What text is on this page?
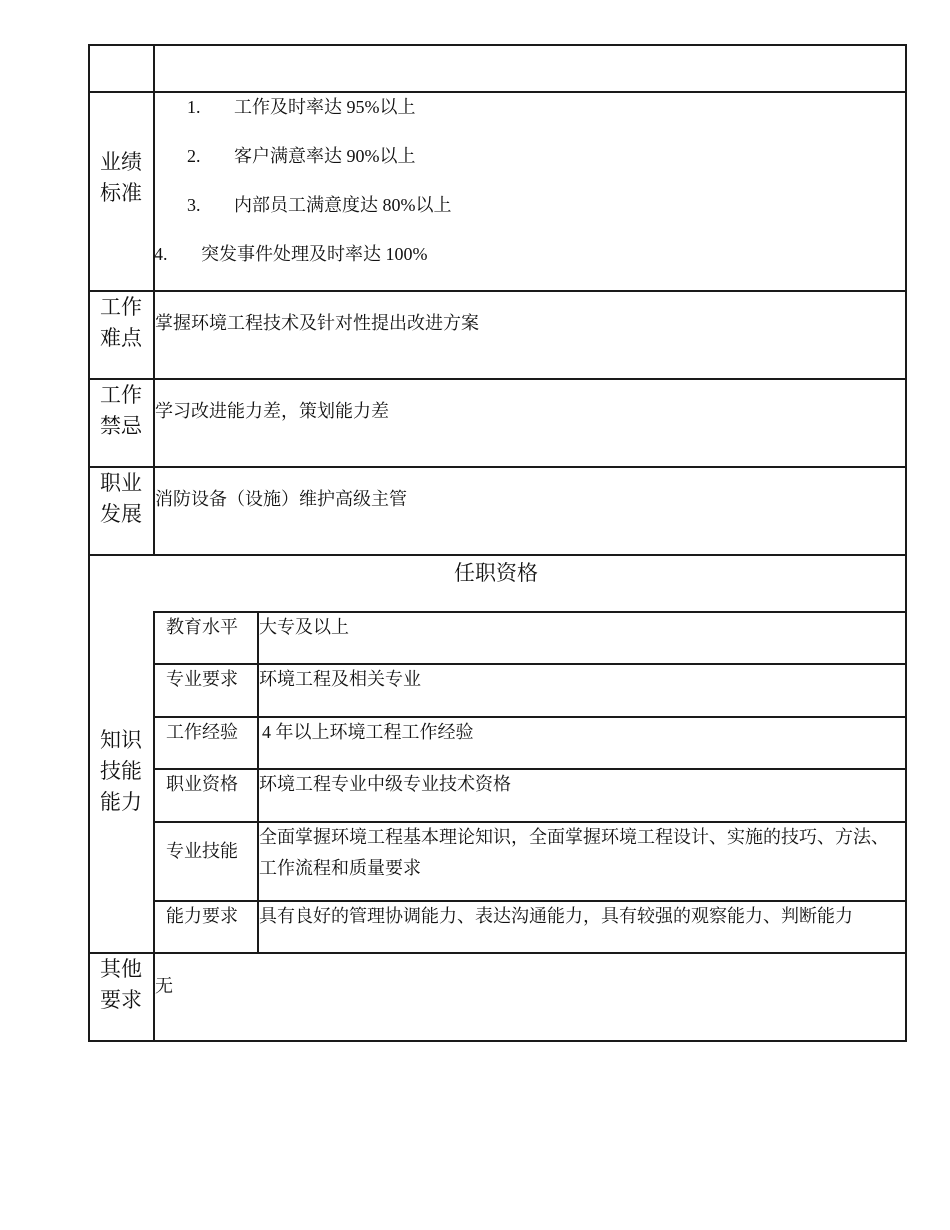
业绩
标准
1. 工作及时率达 95%以上
2. 客户满意率达 90%以上
3. 内部员工满意度达 80%以上
4. 突发事件处理及时率达 100%
工作
难点
掌握环境工程技术及针对性提出改进方案
工作
禁忌
学习改进能力差，策划能力差
职业
发展
消防设备（设施）维护高级主管
任职资格
知识
技能
能力
教育水平 大专及以上
专业要求 环境工程及相关专业
工作经验 4 年以上环境工程工作经验
职业资格 环境工程专业中级专业技术资格
专业技能
全面掌握环境工程基本理论知识，全面掌握环境工程设计、实施的技巧、方法、工作流程和质量要求
能力要求 具有良好的管理协调能力、表达沟通能力，具有较强的观察能力、判断能力
其他
要求
无
